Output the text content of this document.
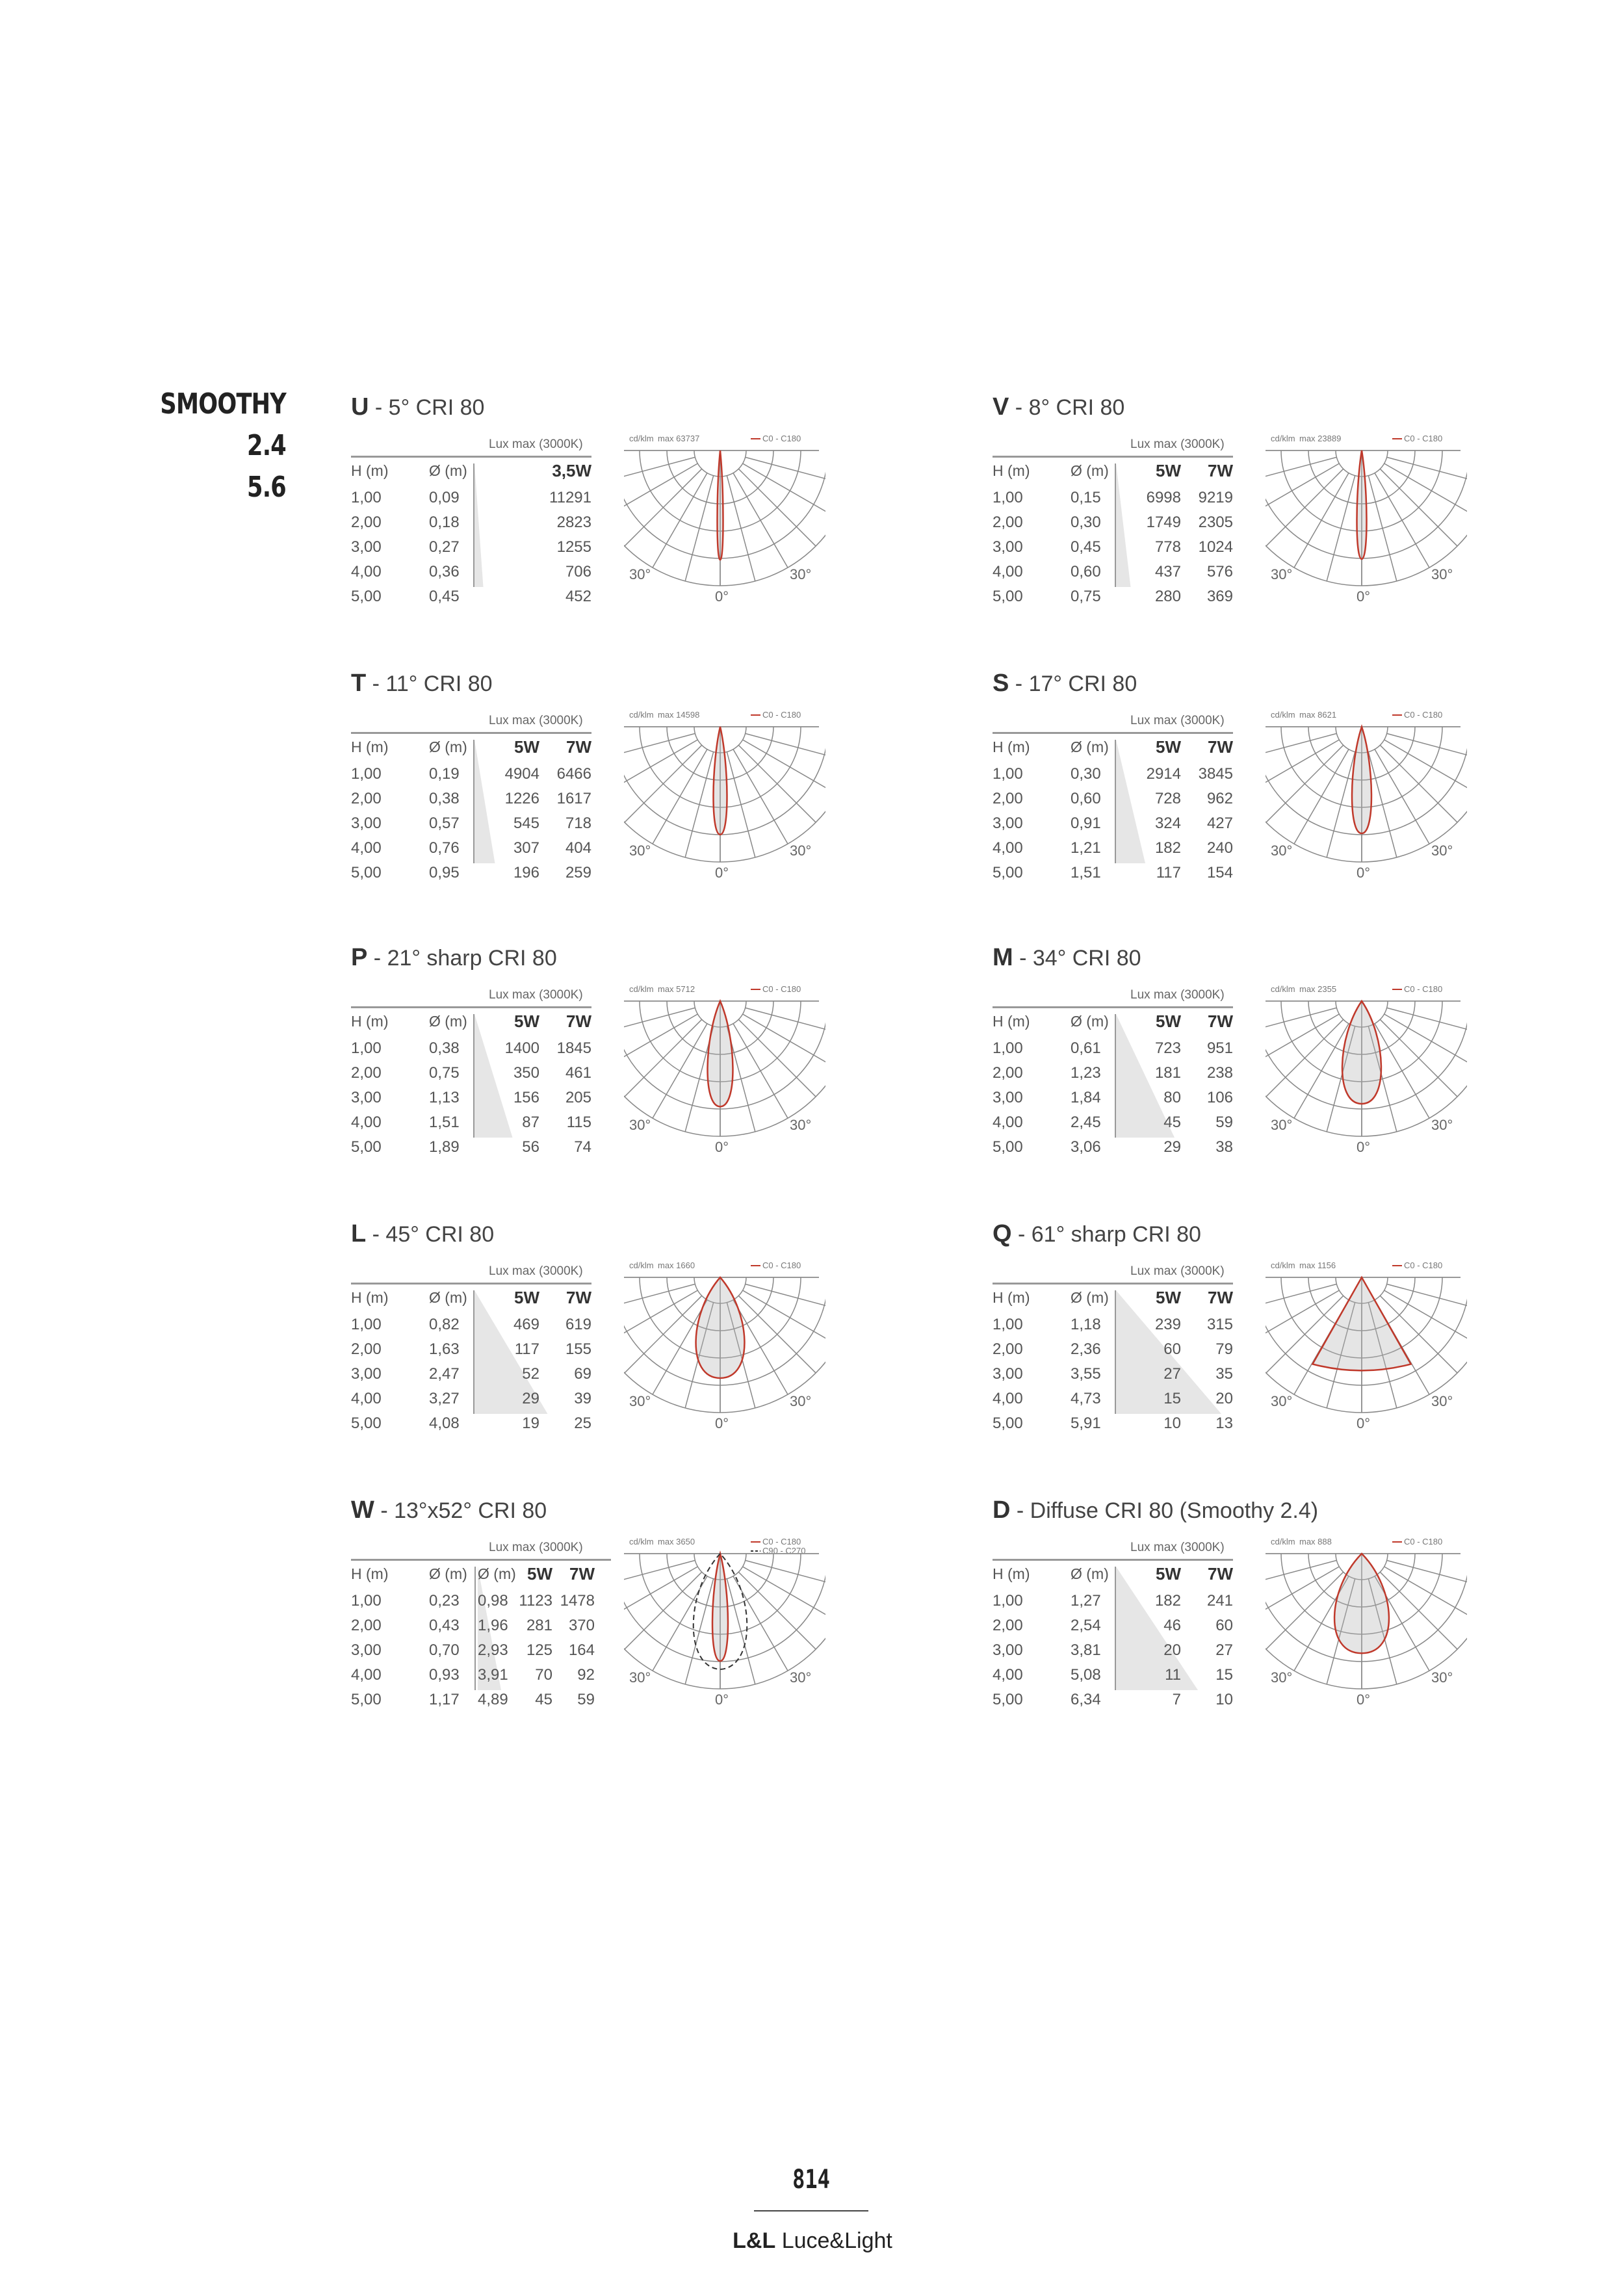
SMOOTHY 2.4
5.6
U - 5° CRI 80
Lux max (3000K)
H (m)	Ø (m)	3,5W
1,00	0,09	11291
2,00	0,18	2823
3,00	0,27	1255
4,00	0,36	706
5,00	0,45	452
cd/klm max 63737	C0 - C180
30°	30°
0°
V - 8° CRI 80
Lux max (3000K)
H (m)	Ø (m)	5W 7W
1,00	0,15	6998 9219
2,00	0,30	1749 2305
3,00	0,45	778 1024
4,00	0,60	437 576
5,00	0,75	280 369
cd/klm max 23889	C0 - C180
30°	30°
0°
T - 11° CRI 80
Lux max (3000K)
H (m)	Ø (m)	5W 7W
1,00	0,19	4904 6466
2,00	0,38	1226 1617
3,00	0,57	545 718
4,00	0,76	307 404
5,00	0,95	196 259
cd/klm max 14598	C0 - C180
30°	30°
0°
S - 17° CRI 80
Lux max (3000K)
H (m)	Ø (m)	5W 7W
1,00	0,30	2914 3845
2,00	0,60	728 962
3,00	0,91	324 427
4,00	1,21	182 240
5,00	1,51	117 154
cd/klm max 8621	C0 - C180
30°	30°
0°
P - 21° sharp CRI 80
Lux max (3000K)
H (m)	Ø (m)	5W 7W
1,00	0,38	1400 1845
2,00	0,75	350 461
3,00	1,13	156 205
4,00	1,51	87 115
5,00	1,89	56 74
cd/klm max 5712	C0 - C180
30°	30°
0°
M - 34° CRI 80
Lux max (3000K)
H (m)	Ø (m)	5W 7W
1,00	0,61	723 951
2,00	1,23	181 238
3,00	1,84	80 106
4,00	2,45	45 59
5,00	3,06	29 38
cd/klm max 2355	C0 - C180
30°	30°
0°
L - 45° CRI 80
Lux max (3000K)
H (m)	Ø (m)	5W 7W
1,00	0,82	469 619
2,00	1,63	117 155
3,00	2,47	52 69
4,00	3,27	29 39
5,00	4,08	19 25
cd/klm max 1660	C0 - C180
30°	30°
0°
Q - 61° sharp CRI 80
Lux max (3000K)
H (m)	Ø (m)	5W 7W
1,00	1,18	239 315
2,00	2,36	60 79
3,00	3,55	27 35
4,00	4,73	15 20
5,00	5,91	10 13
cd/klm max 1156	C0 - C180
30°	30°
0°
W - 13°x52° CRI 80
Lux max (3000K)
H (m)	Ø (m) Ø (m) 5W 7W
1,00	0,23 0,98 1123 1478
2,00	0,43 1,96 281 370
3,00	0,70 2,93 125 164
4,00	0,93 3,91 70 92
5,00	1,17 4,89 45 59
cd/klm max 3650	C0 - C180
C90 - C270
30°	30°
0°
D - Diffuse CRI 80 (Smoothy 2.4)
Lux max (3000K)
H (m)	Ø (m)	5W 7W
1,00	1,27	182 241
2,00	2,54	46 60
3,00	3,81	20 27
4,00	5,08	11 15
5,00	6,34	7 10
cd/klm max 888	C0 - C180
30°	30°
0°
814
L&L Luce&Light
